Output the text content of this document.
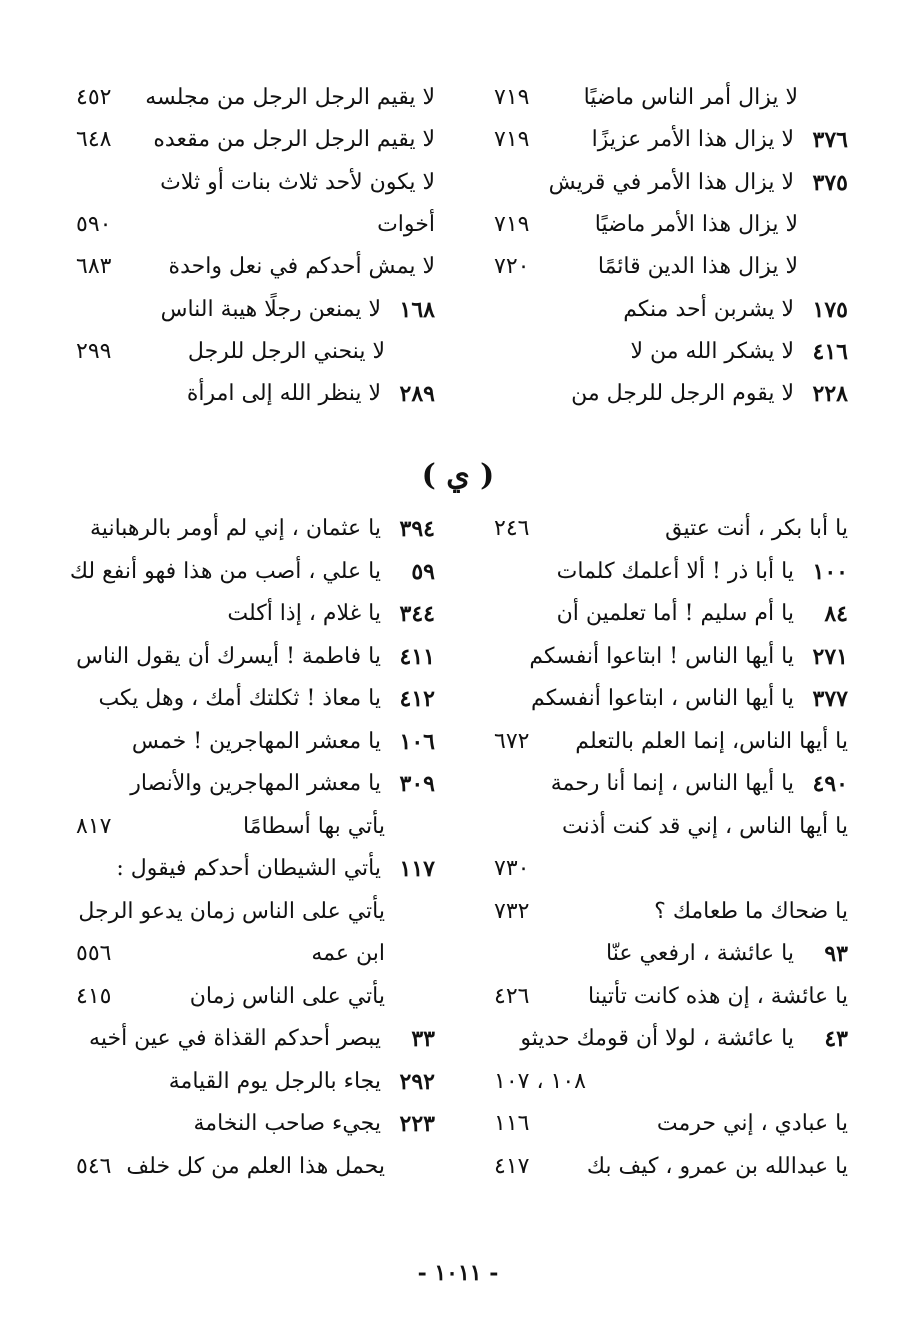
لا يزال أمر الناس ماضيًا
٧١٩
٣٧٦
لا يزال هذا الأمر عزيزًا
٧١٩
٣٧٥
لا يزال هذا الأمر في قريش
لا يزال هذا الأمر ماضيًا
٧١٩
لا يزال هذا الدين قائمًا
٧٢٠
١٧٥
لا يشربن أحد منكم
٤١٦
لا يشكر الله من لا
٢٢٨
لا يقوم الرجل للرجل من
لا يقيم الرجل الرجل من مجلسه
٤٥٢
لا يقيم الرجل الرجل من مقعده
٦٤٨
لا يكون لأحد ثلاث بنات أو ثلاث
أخوات
٥٩٠
لا يمش أحدكم في نعل واحدة
٦٨٣
١٦٨
لا يمنعن رجلًا هيبة الناس
لا ينحني الرجل للرجل
٢٩٩
٢٨٩
لا ينظر الله إلى امرأة
( ي )
يا أبا بكر ، أنت عتيق
٢٤٦
١٠٠
يا أبا ذر ! ألا أعلمك كلمات
٨٤
يا أم سليم ! أما تعلمين أن
٢٧١
يا أيها الناس ! ابتاعوا أنفسكم
٣٧٧
يا أيها الناس ، ابتاعوا أنفسكم
يا أيها الناس، إنما العلم بالتعلم
٦٧٢
٤٩٠
يا أيها الناس ، إنما أنا رحمة
يا أيها الناس ، إني قد كنت أذنت
٧٣٠
يا ضحاك ما طعامك ؟
٧٣٢
٩٣
يا عائشة ، ارفعي عنّا
يا عائشة ، إن هذه كانت تأتينا
٤٢٦
٤٣
يا عائشة ، لولا أن قومك حديثو
١٠٨ ، ١٠٧
يا عبادي ، إني حرمت
١١٦
يا عبدالله بن عمرو ، كيف بك
٤١٧
٣٩٤
يا عثمان ، إني لم أومر بالرهبانية
٥٩
يا علي ، أصب من هذا فهو أنفع لك
٣٤٤
يا غلام ، إذا أكلت
٤١١
يا فاطمة ! أيسرك أن يقول الناس
٤١٢
يا معاذ ! ثكلتك أمك ، وهل يكب
١٠٦
يا معشر المهاجرين ! خمس
٣٠٩
يا معشر المهاجرين والأنصار
يأتي بها أسطامًا
٨١٧
١١٧
يأتي الشيطان أحدكم فيقول :
يأتي على الناس زمان يدعو الرجل
ابن عمه
٥٥٦
يأتي على الناس زمان
٤١٥
٣٣
يبصر أحدكم القذاة في عين أخيه
٢٩٢
يجاء بالرجل يوم القيامة
٢٢٣
يجيء صاحب النخامة
يحمل هذا العلم من كل خلف
٥٤٦
- ١٠١١ -
